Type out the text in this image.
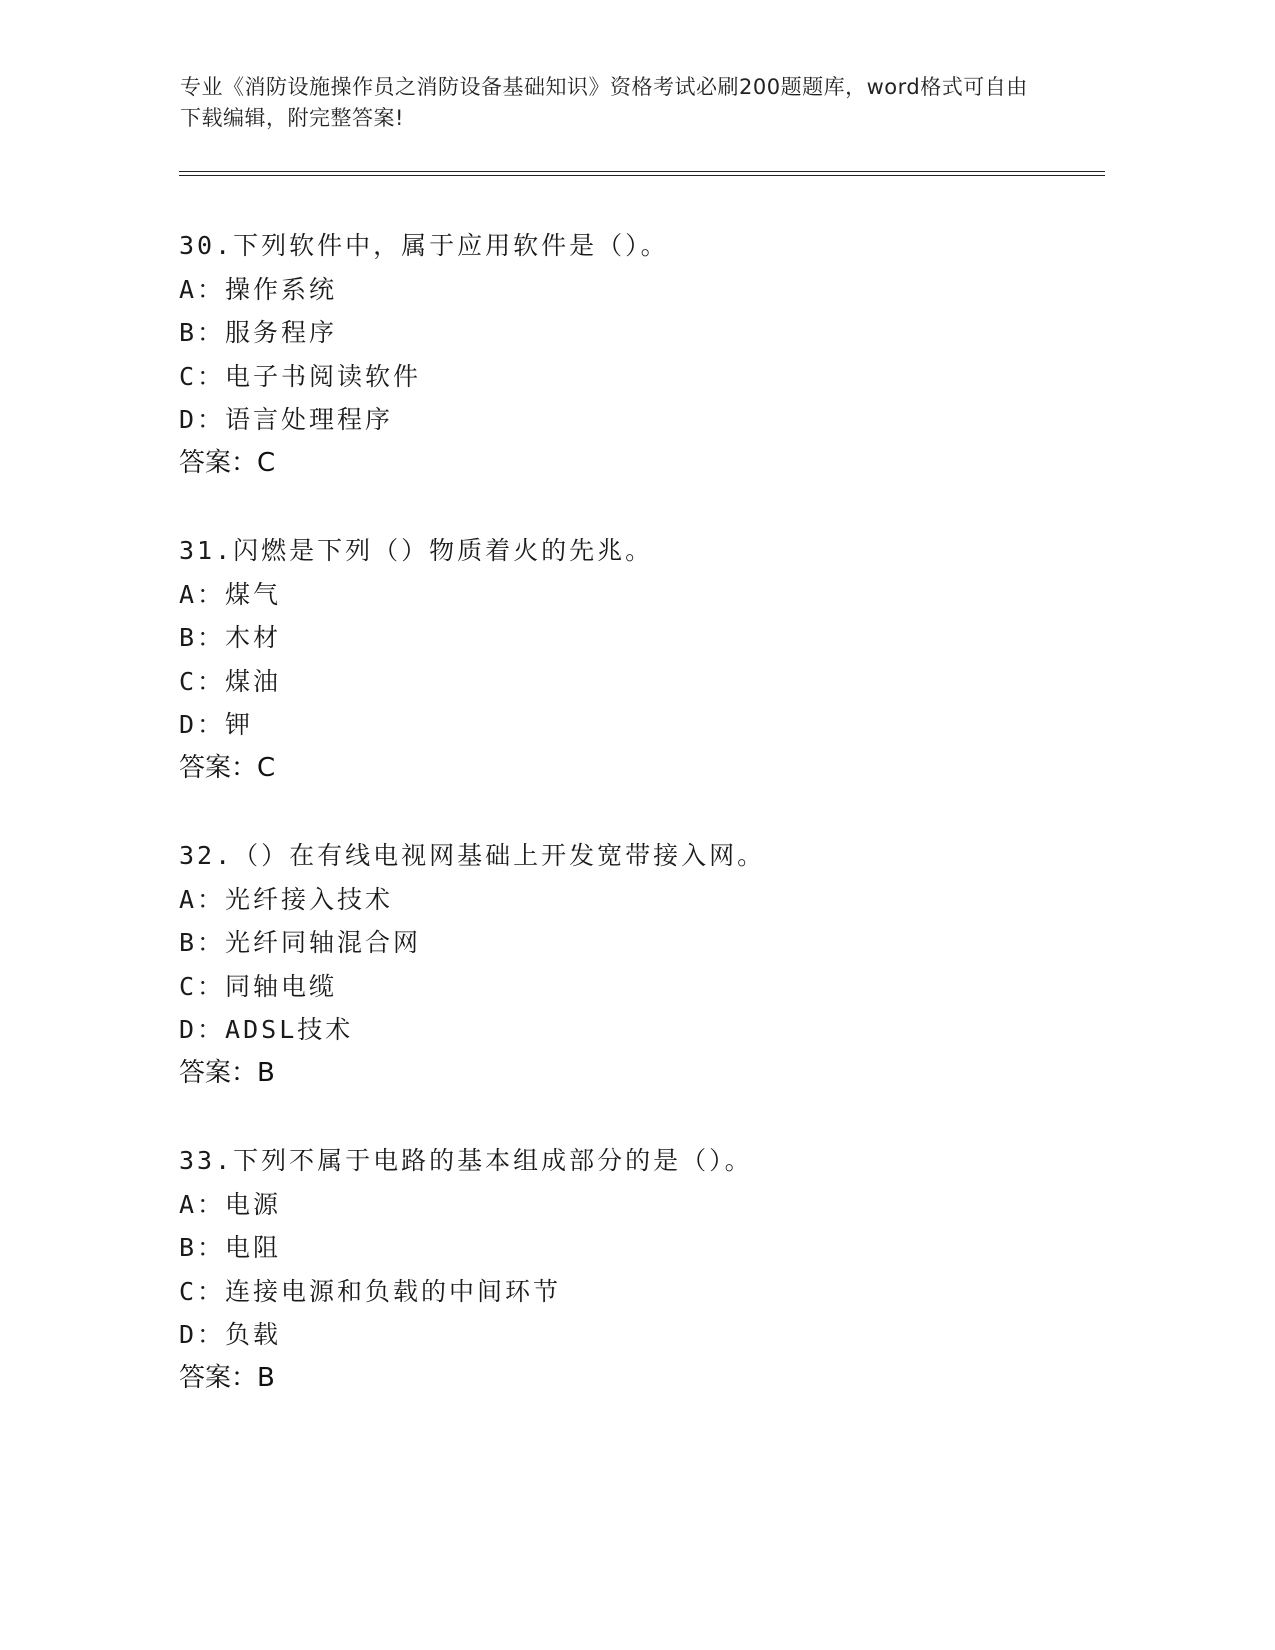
专业《消防设施操作员之消防设备基础知识》资格考试必刷200题题库，word格式可自由下载编辑，附完整答案!
30.下列软件中，属于应用软件是（）。
A：操作系统
B：服务程序
C：电子书阅读软件
D：语言处理程序
答案：C
31.闪燃是下列（）物质着火的先兆。
A：煤气
B：木材
C：煤油
D：钾
答案：C
32.（）在有线电视网基础上开发宽带接入网。
A：光纤接入技术
B：光纤同轴混合网
C：同轴电缆
D：ADSL技术
答案：B
33.下列不属于电路的基本组成部分的是（）。
A：电源
B：电阻
C：连接电源和负载的中间环节
D：负载
答案：B
